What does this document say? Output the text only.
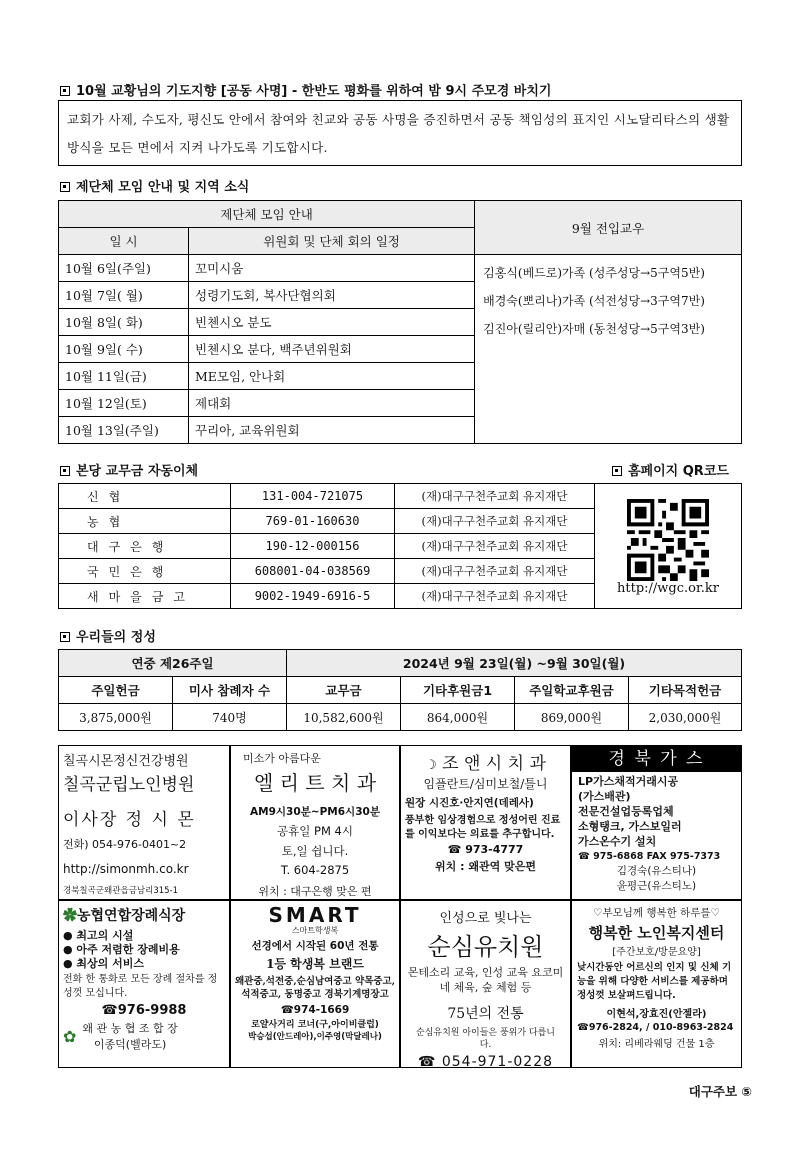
10월 교황님의 기도지향 [공동 사명] - 한반도 평화를 위하여 밤 9시 주모경 바치기
교회가 사제, 수도자, 평신도 안에서 참여와 친교와 공동 사명을 증진하면서 공동 책임성의 표지인 시노달리타스의 생활 방식을 모든 면에서 지켜 나가도록 기도합시다.
제단체 모임 안내 및 지역 소식
제단체 모임 안내		9월 전입교우
일 시	위원회 및 단체 회의 일정	
10월 6일(주일)	꼬미시움	김홍식(베드로)가족 (성주성당→5구역5반)
배경숙(뽀리나)가족 (석전성당→3구역7반)
김진아(릴리안)자매 (동천성당→5구역3반)

10월 7일( 월)	성령기도회, 복사단협의회	
10월 8일( 화)	빈첸시오 분도	
10월 9일( 수)	빈첸시오 분다, 백주년위원회	
10월 11일(금)	ME모임, 안나회	
10월 12일(토)	제대회	
10월 13일(주일)	꾸리아, 교육위원회	
본당 교무금 자동이체	홈페이지 QR코드
신협	131-004-721075	(재)대구구천주교회 유지재단	http://wgc.or.kr

농협	769-01-160630	(재)대구구천주교회 유지재단	
대구은행	190-12-000156	(재)대구구천주교회 유지재단	
국민은행	608001-04-038569	(재)대구구천주교회 유지재단	
새마을금고	9002-1949-6916-5	(재)대구구천주교회 유지재단	
우리들의 정성
연중 제26주일		2024년 9월 23일(월) ~9월 30일(월)			
주일헌금	미사 참례자 수	교무금	기타후원금1	주일학교후원금	기타목적헌금
3,875,000원	740명	10,582,600원	864,000원	869,000원	2,030,000원
칠곡시몬정신건강병원
칠곡군립노인병원
이사장 정 시 몬
전화) 054-976-0401~2
http://simonmh.co.kr
경북칠곡군왜관읍금남리315-1
미소가 아름다운
엘 리 트 치 과
AM9시30분~PM6시30분
공휴일 PM 4시
토,일 쉽니다.
T. 604-2875
위치 : 대구은행 맞은 편
☽ 조 앤 시 치 과
임플란트/심미보철/틀니
원장 시진호·안지연(데레사)
풍부한 임상경험으로 정성어린 진료를 이익보다는 의료를 추구합니다.
☎ 973-4777
위치 : 왜관역 맞은편
경 북 가 스
LP가스채적거래시공
(가스배관)
전문건설업등록업체
소형탱크, 가스보일러
가스온수기 설치
☎ 975-6868 FAX 975-7373
김경숙(유스티나)
윤평근(유스티노)
✿농협연합장례식장
● 최고의 시설
● 아주 저렴한 장례비용
● 최상의 서비스
전화 한 통화로 모든 장례 절차를 정성껏 모십니다.
☎976-9988
✿ 왜 관 농 협 조 합 장
이종덕(벨라도)
SMART
스마트학생복
선경에서 시작된 60년 전통
1등 학생복 브랜드
왜관중,석전중,순심남여중고 약목중고, 석적중고, 동명중고 경북기계명장고
☎974-1669
로얄사거리 코너(구,아이비클럽)
박승섭(안드레아),이주영(막달레나)
인성으로 빛나는
순심유치원
몬테소리 교육, 인성 교육 요코미네 체육, 숲 체험 등
75년의 전통
순심유치원 아이들은 풍위가 다릅니다.
☎ 054-971-0228
♡부모님께 행복한 하루를♡
행복한 노인복지센터
[주간보호/방문요양]
낮시간동안 어르신의 인지 및 신체 기능을 위해 다양한 서비스를 제공하며 정성껏 보살펴드립니다.
이현석,장효진(안젤라)
☎976-2824, / 010-8963-2824
위치: 리베라웨딩 건물 1층
대구주보 ⑤
